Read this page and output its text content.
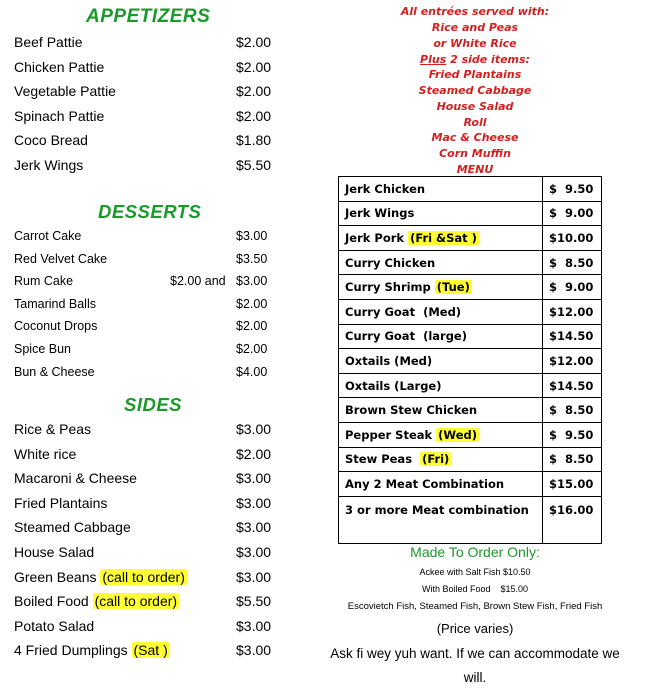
APPETIZERS
Beef Pattie	$2.00
Chicken Pattie	$2.00
Vegetable Pattie	$2.00
Spinach Pattie	$2.00
Coco Bread	$1.80
Jerk Wings	$5.50
DESSERTS
Carrot Cake	$3.00
Red Velvet Cake	$3.50
Rum Cake	$2.00 and $3.00
Tamarind Balls	$2.00
Coconut Drops	$2.00
Spice Bun	$2.00
Bun & Cheese	$4.00
SIDES
Rice & Peas	$3.00
White rice	$2.00
Macaroni & Cheese	$3.00
Fried Plantains	$3.00
Steamed Cabbage	$3.00
House Salad	$3.00
Green Beans (call to order)	$3.00
Boiled Food (call to order)	$5.50
Potato Salad	$3.00
4 Fried Dumplings (Sat )	$3.00
All entrées served with:
Rice and Peas
or White Rice
Plus 2 side items:
Fried Plantains
Steamed Cabbage
House Salad
Roll
Mac & Cheese
Corn Muffin
MENU
Jerk Chicken	$  9.50
Jerk Wings	$  9.00
Jerk Pork (Fri &Sat )	$10.00
Curry Chicken	$  8.50
Curry Shrimp (Tue)	$  9.00
Curry Goat  (Med)	$12.00
Curry Goat  (large)	$14.50
Oxtails (Med)	$12.00
Oxtails (Large)	$14.50
Brown Stew Chicken	$  8.50
Pepper Steak (Wed)	$  9.50
Stew Peas  (Fri)	$  8.50
Any 2 Meat Combination	$15.00
3 or more Meat combination	$16.00
Made To Order Only:
Ackee with Salt Fish $10.50
With Boiled Food    $15.00
Escovietch Fish, Steamed Fish, Brown Stew Fish, Fried Fish
(Price varies)
Ask fi wey yuh want. If we can accommodate we
will.
